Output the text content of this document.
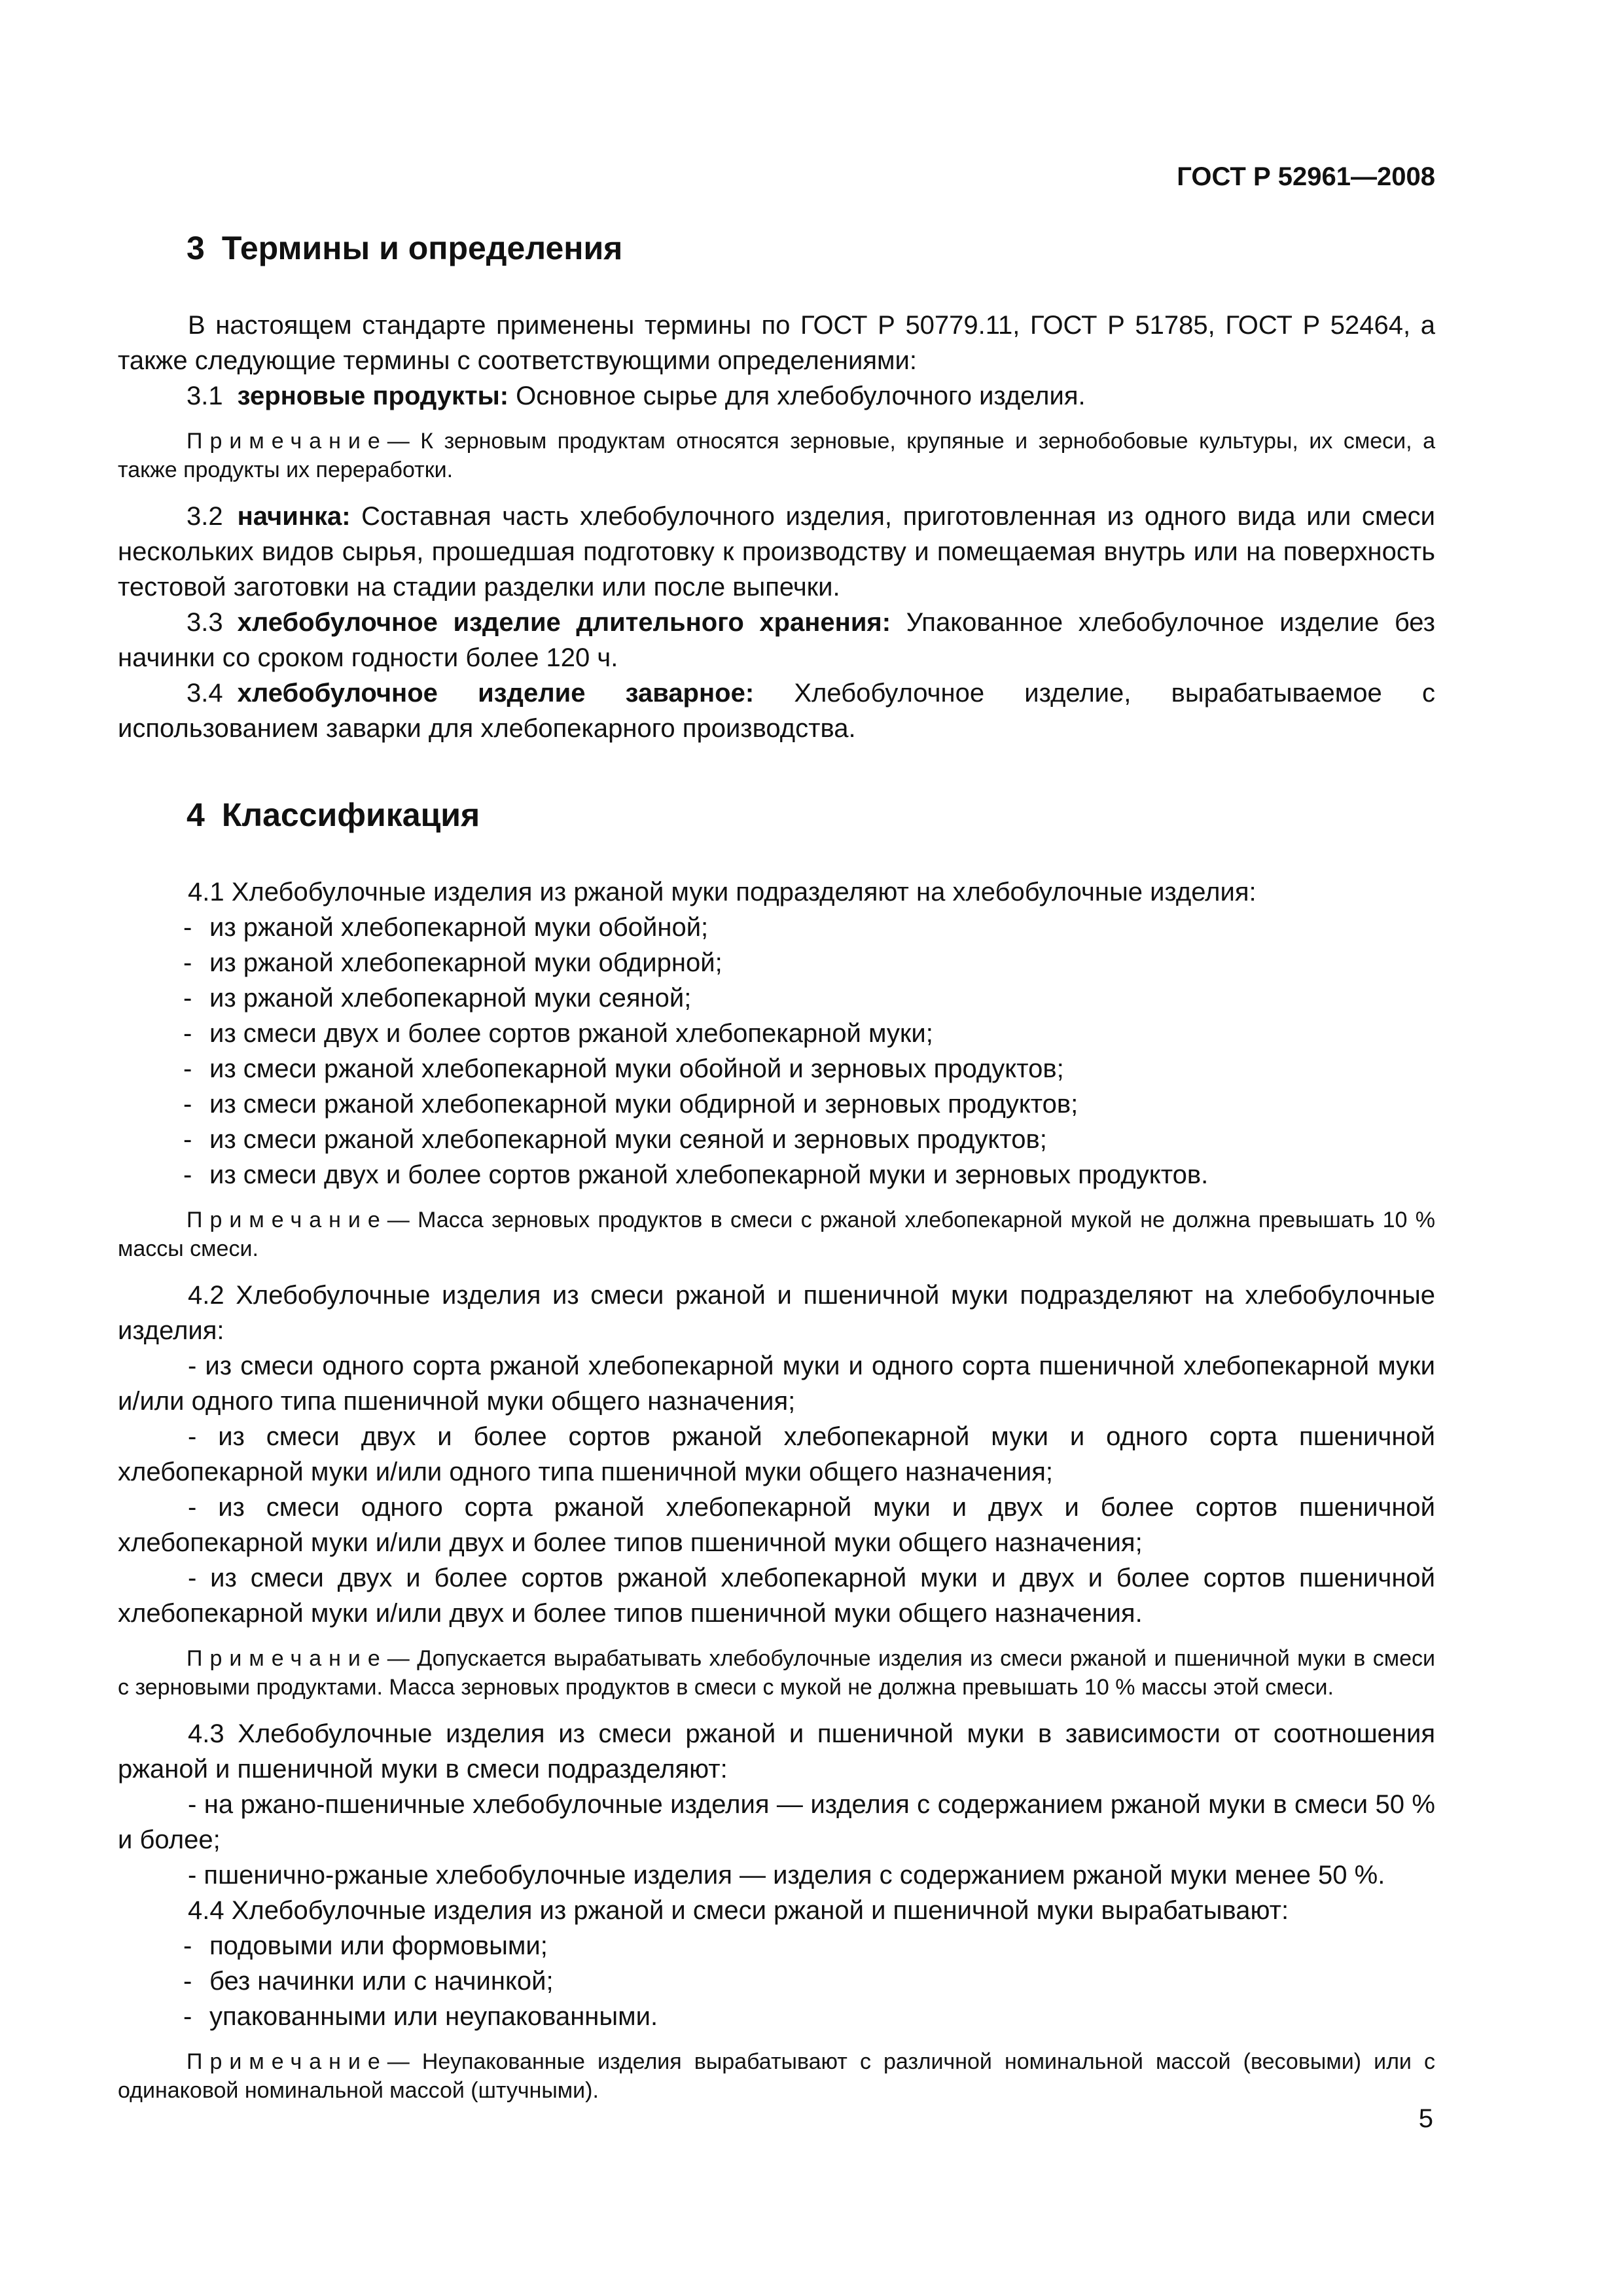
ГОСТ Р 52961—2008
3 Термины и определения

В настоящем стандарте применены термины по ГОСТ Р 50779.11, ГОСТ Р 51785, ГОСТ Р 52464, а также следующие термины с соответствующими определениями:

3.1 зерновые продукты: Основное сырье для хлебобулочного изделия.

Примечание— К зерновым продуктам относятся зерновые, крупяные и зернобобовые культуры, их смеси, а также продукты их переработки.

3.2 начинка: Составная часть хлебобулочного изделия, приготовленная из одного вида или смеси нескольких видов сырья, прошедшая подготовку к производству и помещаемая внутрь или на поверхность тестовой заготовки на стадии разделки или после выпечки.

3.3 хлебобулочное изделие длительного хранения: Упакованное хлебобулочное изделие без начинки со сроком годности более 120 ч.

3.4 хлебобулочное изделие заварное: Хлебобулочное изделие, вырабатываемое с использованием заварки для хлебопекарного производства.

4 Классификация

4.1 Хлебобулочные изделия из ржаной муки подразделяют на хлебобулочные изделия:

- из ржаной хлебопекарной муки обойной;

- из ржаной хлебопекарной муки обдирной;

- из ржаной хлебопекарной муки сеяной;

- из смеси двух и более сортов ржаной хлебопекарной муки;

- из смеси ржаной хлебопекарной муки обойной и зерновых продуктов;

- из смеси ржаной хлебопекарной муки обдирной и зерновых продуктов;

- из смеси ржаной хлебопекарной муки сеяной и зерновых продуктов;

- из смеси двух и более сортов ржаной хлебопекарной муки и зерновых продуктов.

Примечание— Масса зерновых продуктов в смеси с ржаной хлебопекарной мукой не должна превышать 10 % массы смеси.

4.2 Хлебобулочные изделия из смеси ржаной и пшеничной муки подразделяют на хлебобулочные изделия:

- из смеси одного сорта ржаной хлебопекарной муки и одного сорта пшеничной хлебопекарной муки и/или одного типа пшеничной муки общего назначения;

- из смеси двух и более сортов ржаной хлебопекарной муки и одного сорта пшеничной хлебопекарной муки и/или одного типа пшеничной муки общего назначения;

- из смеси одного сорта ржаной хлебопекарной муки и двух и более сортов пшеничной хлебопекарной муки и/или двух и более типов пшеничной муки общего назначения;

- из смеси двух и более сортов ржаной хлебопекарной муки и двух и более сортов пшеничной хлебопекарной муки и/или двух и более типов пшеничной муки общего назначения.

Примечание— Допускается вырабатывать хлебобулочные изделия из смеси ржаной и пшеничной муки в смеси с зерновыми продуктами. Масса зерновых продуктов в смеси с мукой не должна превышать 10 % массы этой смеси.

4.3 Хлебобулочные изделия из смеси ржаной и пшеничной муки в зависимости от соотношения ржаной и пшеничной муки в смеси подразделяют:

- на ржано-пшеничные хлебобулочные изделия — изделия с содержанием ржаной муки в смеси 50 % и более;

- пшенично-ржаные хлебобулочные изделия — изделия с содержанием ржаной муки менее 50 %.

4.4 Хлебобулочные изделия из ржаной и смеси ржаной и пшеничной муки вырабатывают:

- подовыми или формовыми;

- без начинки или с начинкой;

- упакованными или неупакованными.

Примечание— Неупакованные изделия вырабатывают с различной номинальной массой (весовыми) или с одинаковой номинальной массой (штучными).

5
